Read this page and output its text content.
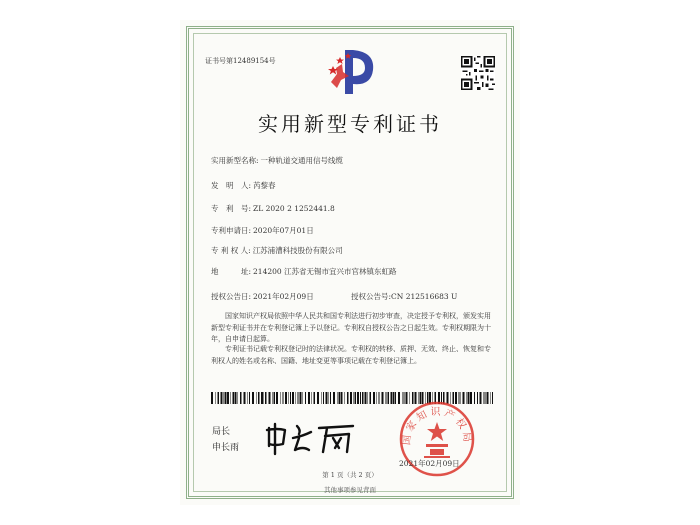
证书号第12489154号
实用新型专利证书
实用新型名称: 一种轨道交通用信号线缆
发　明　人: 芮黎春
专　利　号: ZL 2020 2 1252441.8
专利申请日: 2020年07月01日
专 利 权 人: 江苏浦漕科技股份有限公司
地　　　址: 214200 江苏省无锡市宜兴市官林镇东虹路
授权公告日: 2021年02月09日	授权公告号:CN 212516683 U
国家知识产权局依照中华人民共和国专利法进行初步审查，决定授予专利权，颁发实用新型专利证书并在专利登记簿上予以登记。专利权自授权公告之日起生效。专利权期限为十年，自申请日起算。
专利证书记载专利权登记时的法律状况。专利权的转移、质押、无效、终止、恢复和专利权人的姓名或名称、国籍、地址变更等事项记载在专利登记簿上。
局长
申长雨
国家知识产权局
2021年02月09日
第 1 页（共 2 页）
其他事项参见背面
